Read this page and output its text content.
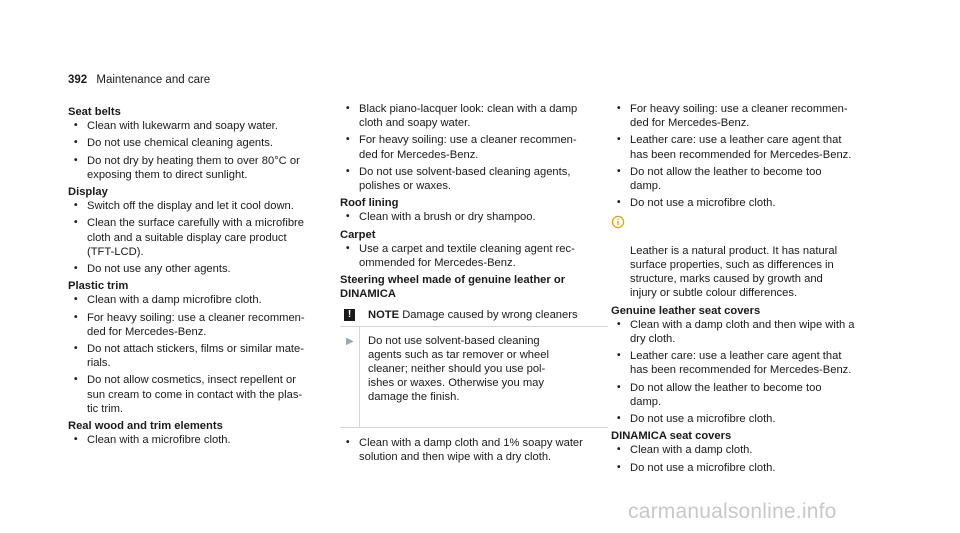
392 Maintenance and care
Seat belts
• Clean with lukewarm and soapy water.
• Do not use chemical cleaning agents.
• Do not dry by heating them to over 80°C or
exposing them to direct sunlight.
Display
• Switch off the display and let it cool down.
• Clean the surface carefully with a microfibre
cloth and a suitable display care product
(TFT-LCD).
• Do not use any other agents.
Plastic trim
• Clean with a damp microfibre cloth.
• For heavy soiling: use a cleaner recommen-
ded for Mercedes-Benz.
• Do not attach stickers, films or similar mate-
rials.
• Do not allow cosmetics, insect repellent or
sun cream to come in contact with the plas-
tic trim.
Real wood and trim elements
• Clean with a microfibre cloth.
• Black piano-lacquer look: clean with a damp
cloth and soapy water.
• For heavy soiling: use a cleaner recommen-
ded for Mercedes-Benz.
• Do not use solvent-based cleaning agents,
polishes or waxes.
Roof lining
• Clean with a brush or dry shampoo.
Carpet
• Use a carpet and textile cleaning agent rec-
ommended for Mercedes-Benz.
Steering wheel made of genuine leather or
DINAMICA
!	NOTE Damage caused by wrong cleaners
▶ Do not use solvent-based cleaning
agents such as tar remover or wheel
cleaner; neither should you use pol-
ishes or waxes. Otherwise you may
damage the finish.
• Clean with a damp cloth and 1% soapy water
solution and then wipe with a dry cloth.
• For heavy soiling: use a cleaner recommen-
ded for Mercedes-Benz.
• Leather care: use a leather care agent that
has been recommended for Mercedes-Benz.
• Do not allow the leather to become too
damp.
• Do not use a microfibre cloth.

Leather is a natural product. It has natural
surface properties, such as differences in
structure, marks caused by growth and
injury or subtle colour differences.

Genuine leather seat covers
• Clean with a damp cloth and then wipe with a
dry cloth.
• Leather care: use a leather care agent that
has been recommended for Mercedes-Benz.
• Do not allow the leather to become too
damp.
• Do not use a microfibre cloth.
DINAMICA seat covers
• Clean with a damp cloth.
• Do not use a microfibre cloth.
carmanualsonline.info
